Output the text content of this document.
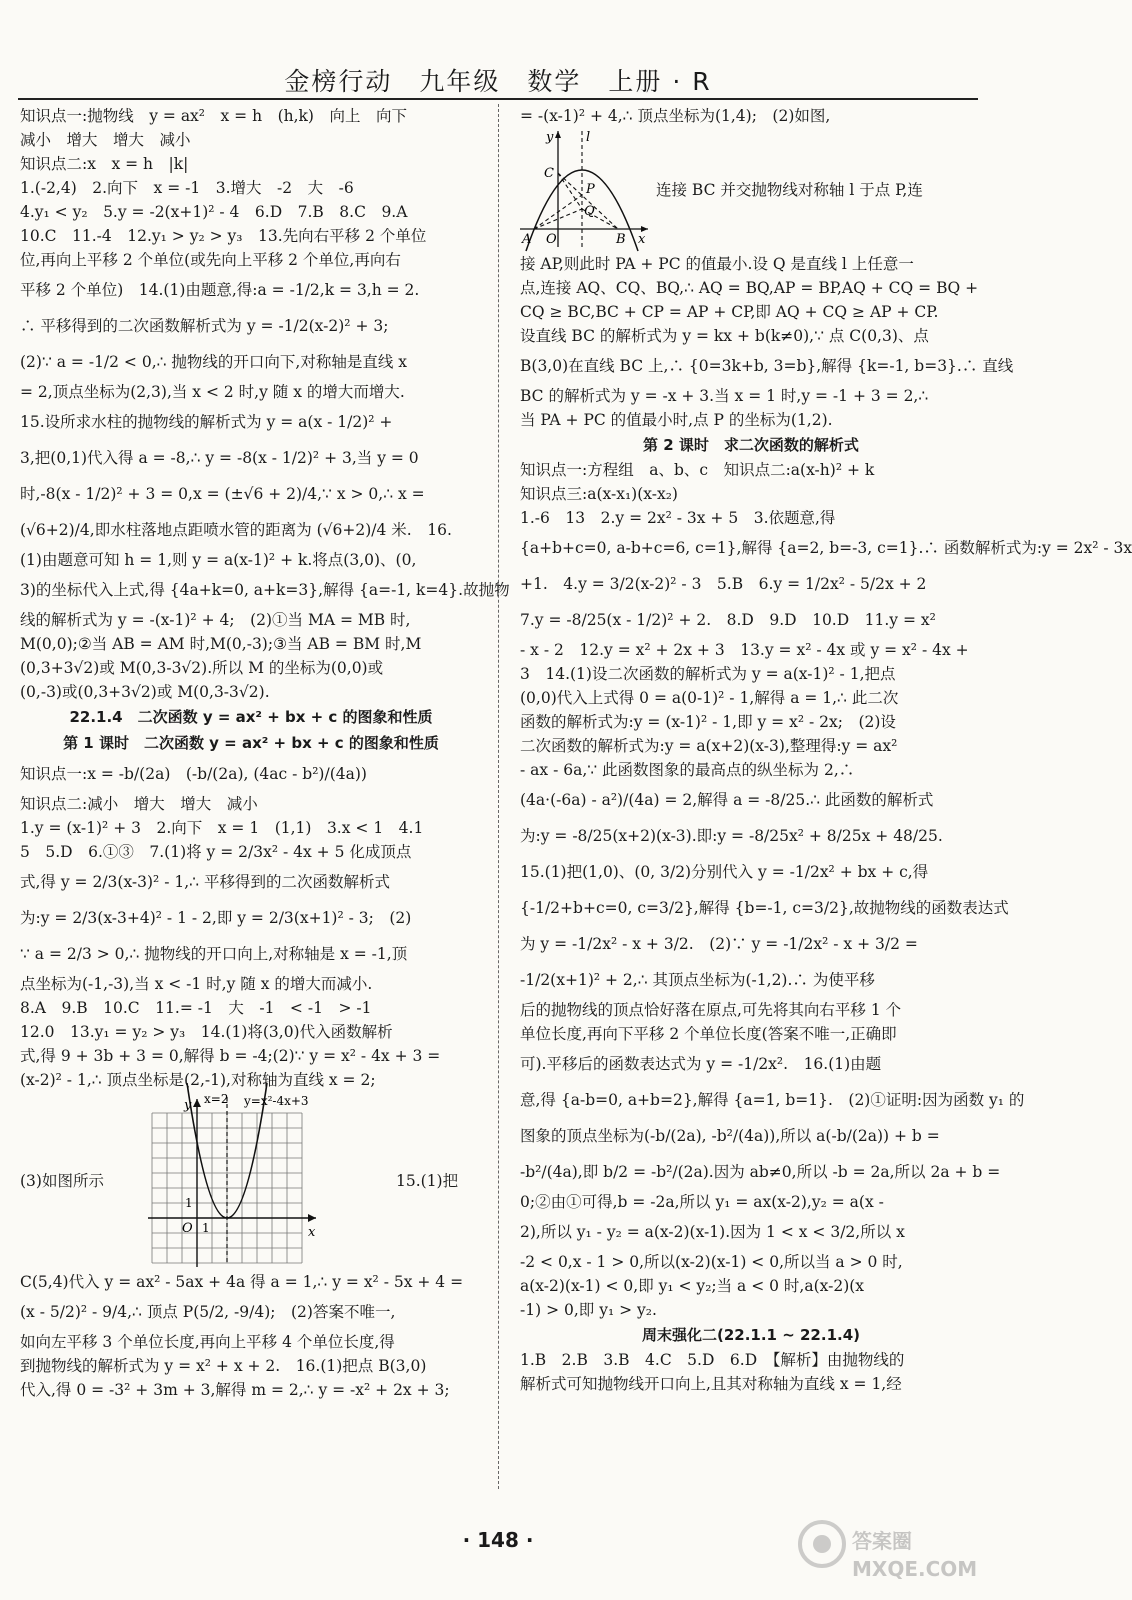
金榜行动　九年级　数学　上册 · R
知识点一:抛物线　y = ax²　x = h　(h,k)　向上　向下
减小　增大　增大　减小
知识点二:x　x = h　|k|
1.(-2,4)　2.向下　x = -1　3.增大　-2　大　-6
4.y₁ < y₂　5.y = -2(x+1)² - 4　6.D　7.B　8.C　9.A
10.C　11.-4　12.y₁ > y₂ > y₃　13.先向右平移 2 个单位
位,再向上平移 2 个单位(或先向上平移 2 个单位,再向右
平移 2 个单位)　14.(1)由题意,得:a = -1/2,k = 3,h = 2.
∴ 平移得到的二次函数解析式为 y = -1/2(x-2)² + 3;
(2)∵ a = -1/2 < 0,∴ 抛物线的开口向下,对称轴是直线 x
= 2,顶点坐标为(2,3),当 x < 2 时,y 随 x 的增大而增大.
15.设所求水柱的抛物线的解析式为 y = a(x - 1/2)² +
3,把(0,1)代入得 a = -8,∴ y = -8(x - 1/2)² + 3,当 y = 0
时,-8(x - 1/2)² + 3 = 0,x = (±√6 + 2)/4,∵ x > 0,∴ x =
(√6+2)/4,即水柱落地点距喷水管的距离为 (√6+2)/4 米.　16.
(1)由题意可知 h = 1,则 y = a(x-1)² + k.将点(3,0)、(0,
3)的坐标代入上式,得 {4a+k=0, a+k=3},解得 {a=-1, k=4}.故抛物
线的解析式为 y = -(x-1)² + 4;　(2)①当 MA = MB 时,
M(0,0);②当 AB = AM 时,M(0,-3);③当 AB = BM 时,M
(0,3+3√2)或 M(0,3-3√2).所以 M 的坐标为(0,0)或
(0,-3)或(0,3+3√2)或 M(0,3-3√2).
22.1.4　二次函数 y = ax² + bx + c 的图象和性质
第 1 课时　二次函数 y = ax² + bx + c 的图象和性质
知识点一:x = -b/(2a)　(-b/(2a), (4ac - b²)/(4a))
知识点二:减小　增大　增大　减小
1.y = (x-1)² + 3　2.向下　x = 1　(1,1)　3.x < 1　4.1
5　5.D　6.①③　7.(1)将 y = 2/3x² - 4x + 5 化成顶点
式,得 y = 2/3(x-3)² - 1,∴ 平移得到的二次函数解析式
为:y = 2/3(x-3+4)² - 1 - 2,即 y = 2/3(x+1)² - 3;　(2)
∵ a = 2/3 > 0,∴ 抛物线的开口向上,对称轴是 x = -1,顶
点坐标为(-1,-3),当 x < -1 时,y 随 x 的增大而减小.
8.A　9.B　10.C　11.= -1　大　-1　< -1　> -1
12.0　13.y₁ = y₂ > y₃　14.(1)将(3,0)代入函数解析
式,得 9 + 3b + 3 = 0,解得 b = -4;(2)∵ y = x² - 4x + 3 =
(x-2)² - 1,∴ 顶点坐标是(2,-1),对称轴为直线 x = 2;
(3)如图所示
x=2 y=x²-4x+3
y
x
1
O 1
15.(1)把
C(5,4)代入 y = ax² - 5ax + 4a 得 a = 1,∴ y = x² - 5x + 4 =
(x - 5/2)² - 9/4,∴ 顶点 P(5/2, -9/4);　(2)答案不唯一,
如向左平移 3 个单位长度,再向上平移 4 个单位长度,得
到抛物线的解析式为 y = x² + x + 2.　16.(1)把点 B(3,0)
代入,得 0 = -3² + 3m + 3,解得 m = 2,∴ y = -x² + 2x + 3;
= -(x-1)² + 4,∴ 顶点坐标为(1,4);　(2)如图,
y	l
C
P
Q
A O	B x
连接 BC 并交抛物线对称轴 l 于点 P,连
接 AP,则此时 PA + PC 的值最小.设 Q 是直线 l 上任意一
点,连接 AQ、CQ、BQ,∴ AQ = BQ,AP = BP,AQ + CQ = BQ +
CQ ≥ BC,BC + CP = AP + CP,即 AQ + CQ ≥ AP + CP.
设直线 BC 的解析式为 y = kx + b(k≠0),∵ 点 C(0,3)、点
B(3,0)在直线 BC 上,∴ {0=3k+b, 3=b},解得 {k=-1, b=3}.∴ 直线
BC 的解析式为 y = -x + 3.当 x = 1 时,y = -1 + 3 = 2,∴
当 PA + PC 的值最小时,点 P 的坐标为(1,2).
第 2 课时　求二次函数的解析式
知识点一:方程组　a、b、c　知识点二:a(x-h)² + k
知识点三:a(x-x₁)(x-x₂)
1.-6　13　2.y = 2x² - 3x + 5　3.依题意,得
{a+b+c=0, a-b+c=6, c=1},解得 {a=2, b=-3, c=1}.∴ 函数解析式为:y = 2x² - 3x
+1.　4.y = 3/2(x-2)² - 3　5.B　6.y = 1/2x² - 5/2x + 2
7.y = -8/25(x - 1/2)² + 2.　8.D　9.D　10.D　11.y = x²
- x - 2　12.y = x² + 2x + 3　13.y = x² - 4x 或 y = x² - 4x +
3　14.(1)设二次函数的解析式为 y = a(x-1)² - 1,把点
(0,0)代入上式得 0 = a(0-1)² - 1,解得 a = 1,∴ 此二次
函数的解析式为:y = (x-1)² - 1,即 y = x² - 2x;　(2)设
二次函数的解析式为:y = a(x+2)(x-3),整理得:y = ax²
- ax - 6a,∵ 此函数图象的最高点的纵坐标为 2,∴
(4a·(-6a) - a²)/(4a) = 2,解得 a = -8/25.∴ 此函数的解析式
为:y = -8/25(x+2)(x-3).即:y = -8/25x² + 8/25x + 48/25.
15.(1)把(1,0)、(0, 3/2)分别代入 y = -1/2x² + bx + c,得
{-1/2+b+c=0, c=3/2},解得 {b=-1, c=3/2},故抛物线的函数表达式
为 y = -1/2x² - x + 3/2.　(2)∵ y = -1/2x² - x + 3/2 =
-1/2(x+1)² + 2,∴ 其顶点坐标为(-1,2).∴ 为使平移
后的抛物线的顶点恰好落在原点,可先将其向右平移 1 个
单位长度,再向下平移 2 个单位长度(答案不唯一,正确即
可).平移后的函数表达式为 y = -1/2x².　16.(1)由题
意,得 {a-b=0, a+b=2},解得 {a=1, b=1}.　(2)①证明:因为函数 y₁ 的
图象的顶点坐标为(-b/(2a), -b²/(4a)),所以 a(-b/(2a)) + b =
-b²/(4a),即 b/2 = -b²/(2a).因为 ab≠0,所以 -b = 2a,所以 2a + b =
0;②由①可得,b = -2a,所以 y₁ = ax(x-2),y₂ = a(x -
2),所以 y₁ - y₂ = a(x-2)(x-1).因为 1 < x < 3/2,所以 x
-2 < 0,x - 1 > 0,所以(x-2)(x-1) < 0,所以当 a > 0 时,
a(x-2)(x-1) < 0,即 y₁ < y₂;当 a < 0 时,a(x-2)(x
-1) > 0,即 y₁ > y₂.
周末强化二(22.1.1 ~ 22.1.4)
1.B　2.B　3.B　4.C　5.D　6.D　【解析】由抛物线的
解析式可知抛物线开口向上,且其对称轴为直线 x = 1,经
· 148 ·	答案圈
MXQE.COM
